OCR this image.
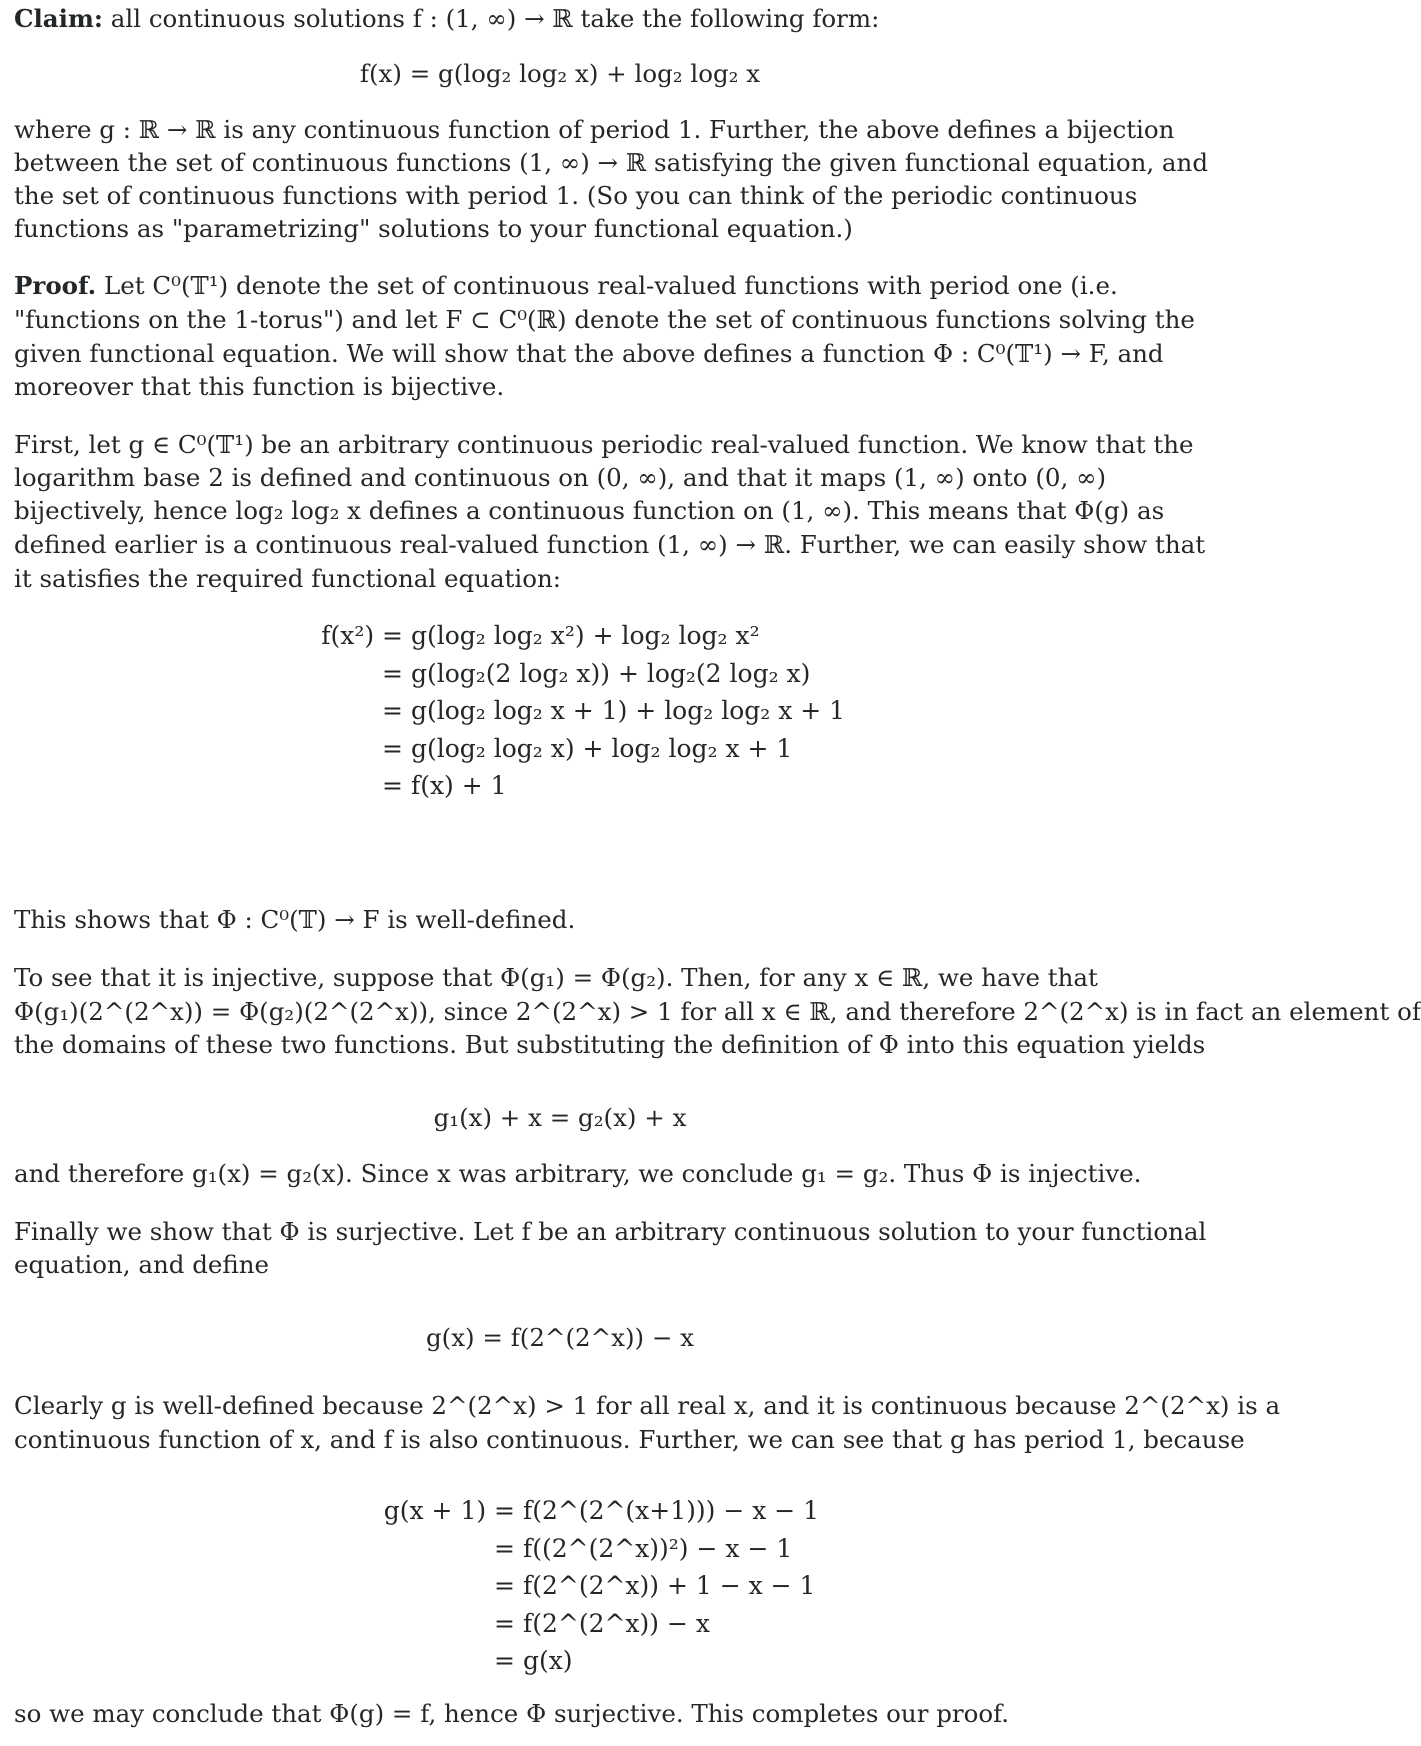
Claim: all continuous solutions f : (1, ∞) → ℝ take the following form:
f(x) = g(log₂ log₂ x) + log₂ log₂ x
where g : ℝ → ℝ is any continuous function of period 1. Further, the above defines a bijection
between the set of continuous functions (1, ∞) → ℝ satisfying the given functional equation, and
the set of continuous functions with period 1. (So you can think of the periodic continuous
functions as "parametrizing" solutions to your functional equation.)
Proof. Let C⁰(𝕋¹) denote the set of continuous real-valued functions with period one (i.e.
"functions on the 1-torus") and let F ⊂ C⁰(ℝ) denote the set of continuous functions solving the
given functional equation. We will show that the above defines a function Φ : C⁰(𝕋¹) → F, and
moreover that this function is bijective.
First, let g ∈ C⁰(𝕋¹) be an arbitrary continuous periodic real-valued function. We know that the
logarithm base 2 is defined and continuous on (0, ∞), and that it maps (1, ∞) onto (0, ∞)
bijectively, hence log₂ log₂ x defines a continuous function on (1, ∞). This means that Φ(g) as
defined earlier is a continuous real-valued function (1, ∞) → ℝ. Further, we can easily show that
it satisfies the required functional equation:
f(x²) = g(log₂ log₂ x²) + log₂ log₂ x²
= g(log₂(2 log₂ x)) + log₂(2 log₂ x)
= g(log₂ log₂ x + 1) + log₂ log₂ x + 1
= g(log₂ log₂ x) + log₂ log₂ x + 1
= f(x) + 1
This shows that Φ : C⁰(𝕋) → F is well-defined.
To see that it is injective, suppose that Φ(g₁) = Φ(g₂). Then, for any x ∈ ℝ, we have that
Φ(g₁)(2^(2^x)) = Φ(g₂)(2^(2^x)), since 2^(2^x) > 1 for all x ∈ ℝ, and therefore 2^(2^x) is in fact an element of
the domains of these two functions. But substituting the definition of Φ into this equation yields
g₁(x) + x = g₂(x) + x
and therefore g₁(x) = g₂(x). Since x was arbitrary, we conclude g₁ = g₂. Thus Φ is injective.
Finally we show that Φ is surjective. Let f be an arbitrary continuous solution to your functional
equation, and define
g(x) = f(2^(2^x)) − x
Clearly g is well-defined because 2^(2^x) > 1 for all real x, and it is continuous because 2^(2^x) is a
continuous function of x, and f is also continuous. Further, we can see that g has period 1, because
g(x + 1) = f(2^(2^(x+1))) − x − 1
= f((2^(2^x))²) − x − 1
= f(2^(2^x)) + 1 − x − 1
= f(2^(2^x)) − x
= g(x)
so we may conclude that Φ(g) = f, hence Φ surjective. This completes our proof.
